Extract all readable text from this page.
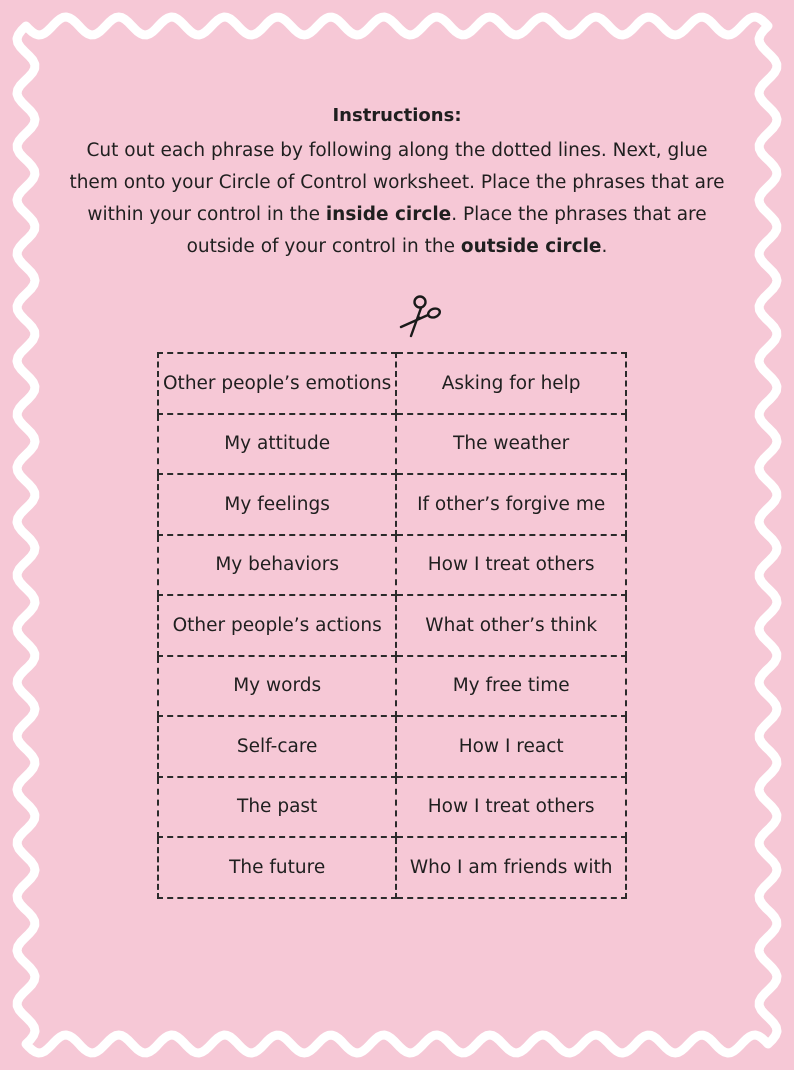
Instructions:
Cut out each phrase by following along the dotted lines. Next, glue them onto your Circle of Control worksheet. Place the phrases that are within your control in the inside circle. Place the phrases that are outside of your control in the outside circle.
Other people’s emotions	Asking for help
My attitude	The weather
My feelings	If other’s forgive me
My behaviors	How I treat others
Other people’s actions	What other’s think
My words	My free time
Self-care	How I react
The past	How I treat others
The future	Who I am friends with
